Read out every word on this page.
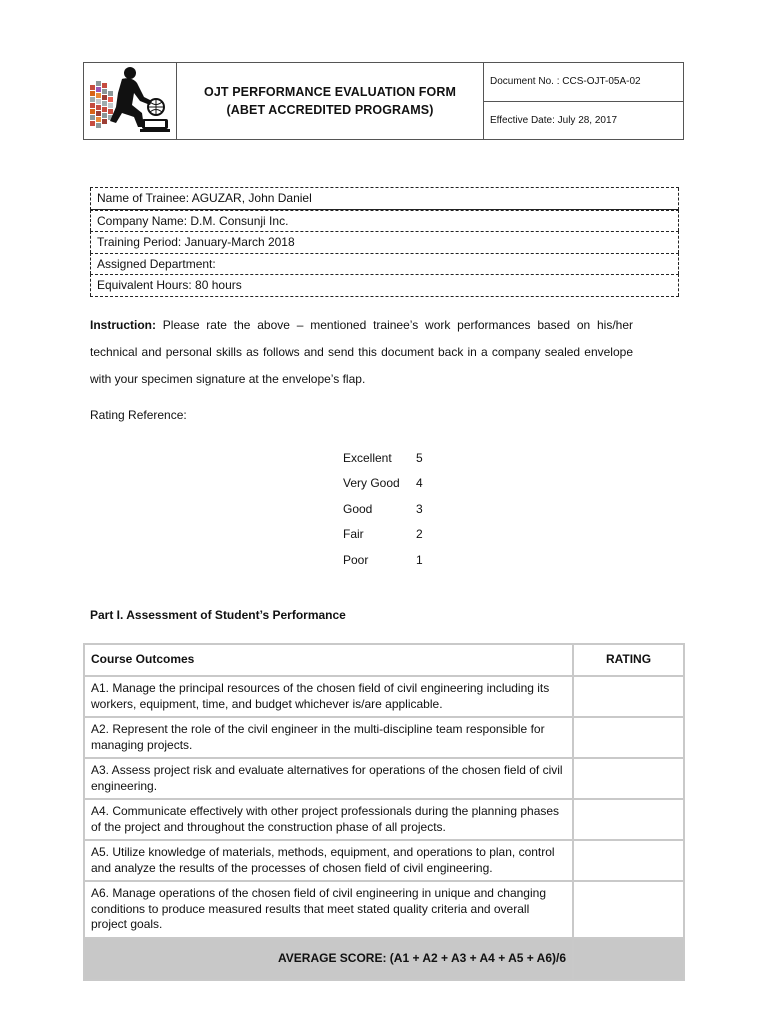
OJT PERFORMANCE EVALUATION FORM
(ABET ACCREDITED PROGRAMS)
Document No. : CCS-OJT-05A-02
Effective Date: July 28, 2017
Name of Trainee: AGUZAR, John Daniel
Company Name: D.M. Consunji Inc.
Training Period: January-March 2018
Assigned Department:
Equivalent Hours: 80 hours

Instruction: Please rate the above – mentioned trainee’s work performances based on his/her technical and personal skills as follows and send this document back in a company sealed envelope with your specimen signature at the envelope’s flap.

Rating Reference:
Excellent	5
Very Good	4
Good	3
Fair	2
Poor	1
Part I. Assessment of Student’s Performance
Course Outcomes	RATING
A1. Manage the principal resources of the chosen field of civil engineering including its workers, equipment, time, and budget whichever is/are applicable.	
A2. Represent the role of the civil engineer in the multi-discipline team responsible for managing projects.	
A3. Assess project risk and evaluate alternatives for operations of the chosen field of civil engineering.	
A4. Communicate effectively with other project professionals during the planning phases of the project and throughout the construction phase of all projects.	
A5. Utilize knowledge of materials, methods, equipment, and operations to plan, control and analyze the results of the processes of chosen field of civil engineering.	
A6. Manage operations of the chosen field of civil engineering in unique and changing conditions to produce measured results that meet stated quality criteria and overall project goals.	
AVERAGE SCORE: (A1 + A2 + A3 + A4 + A5 + A6)/6	
